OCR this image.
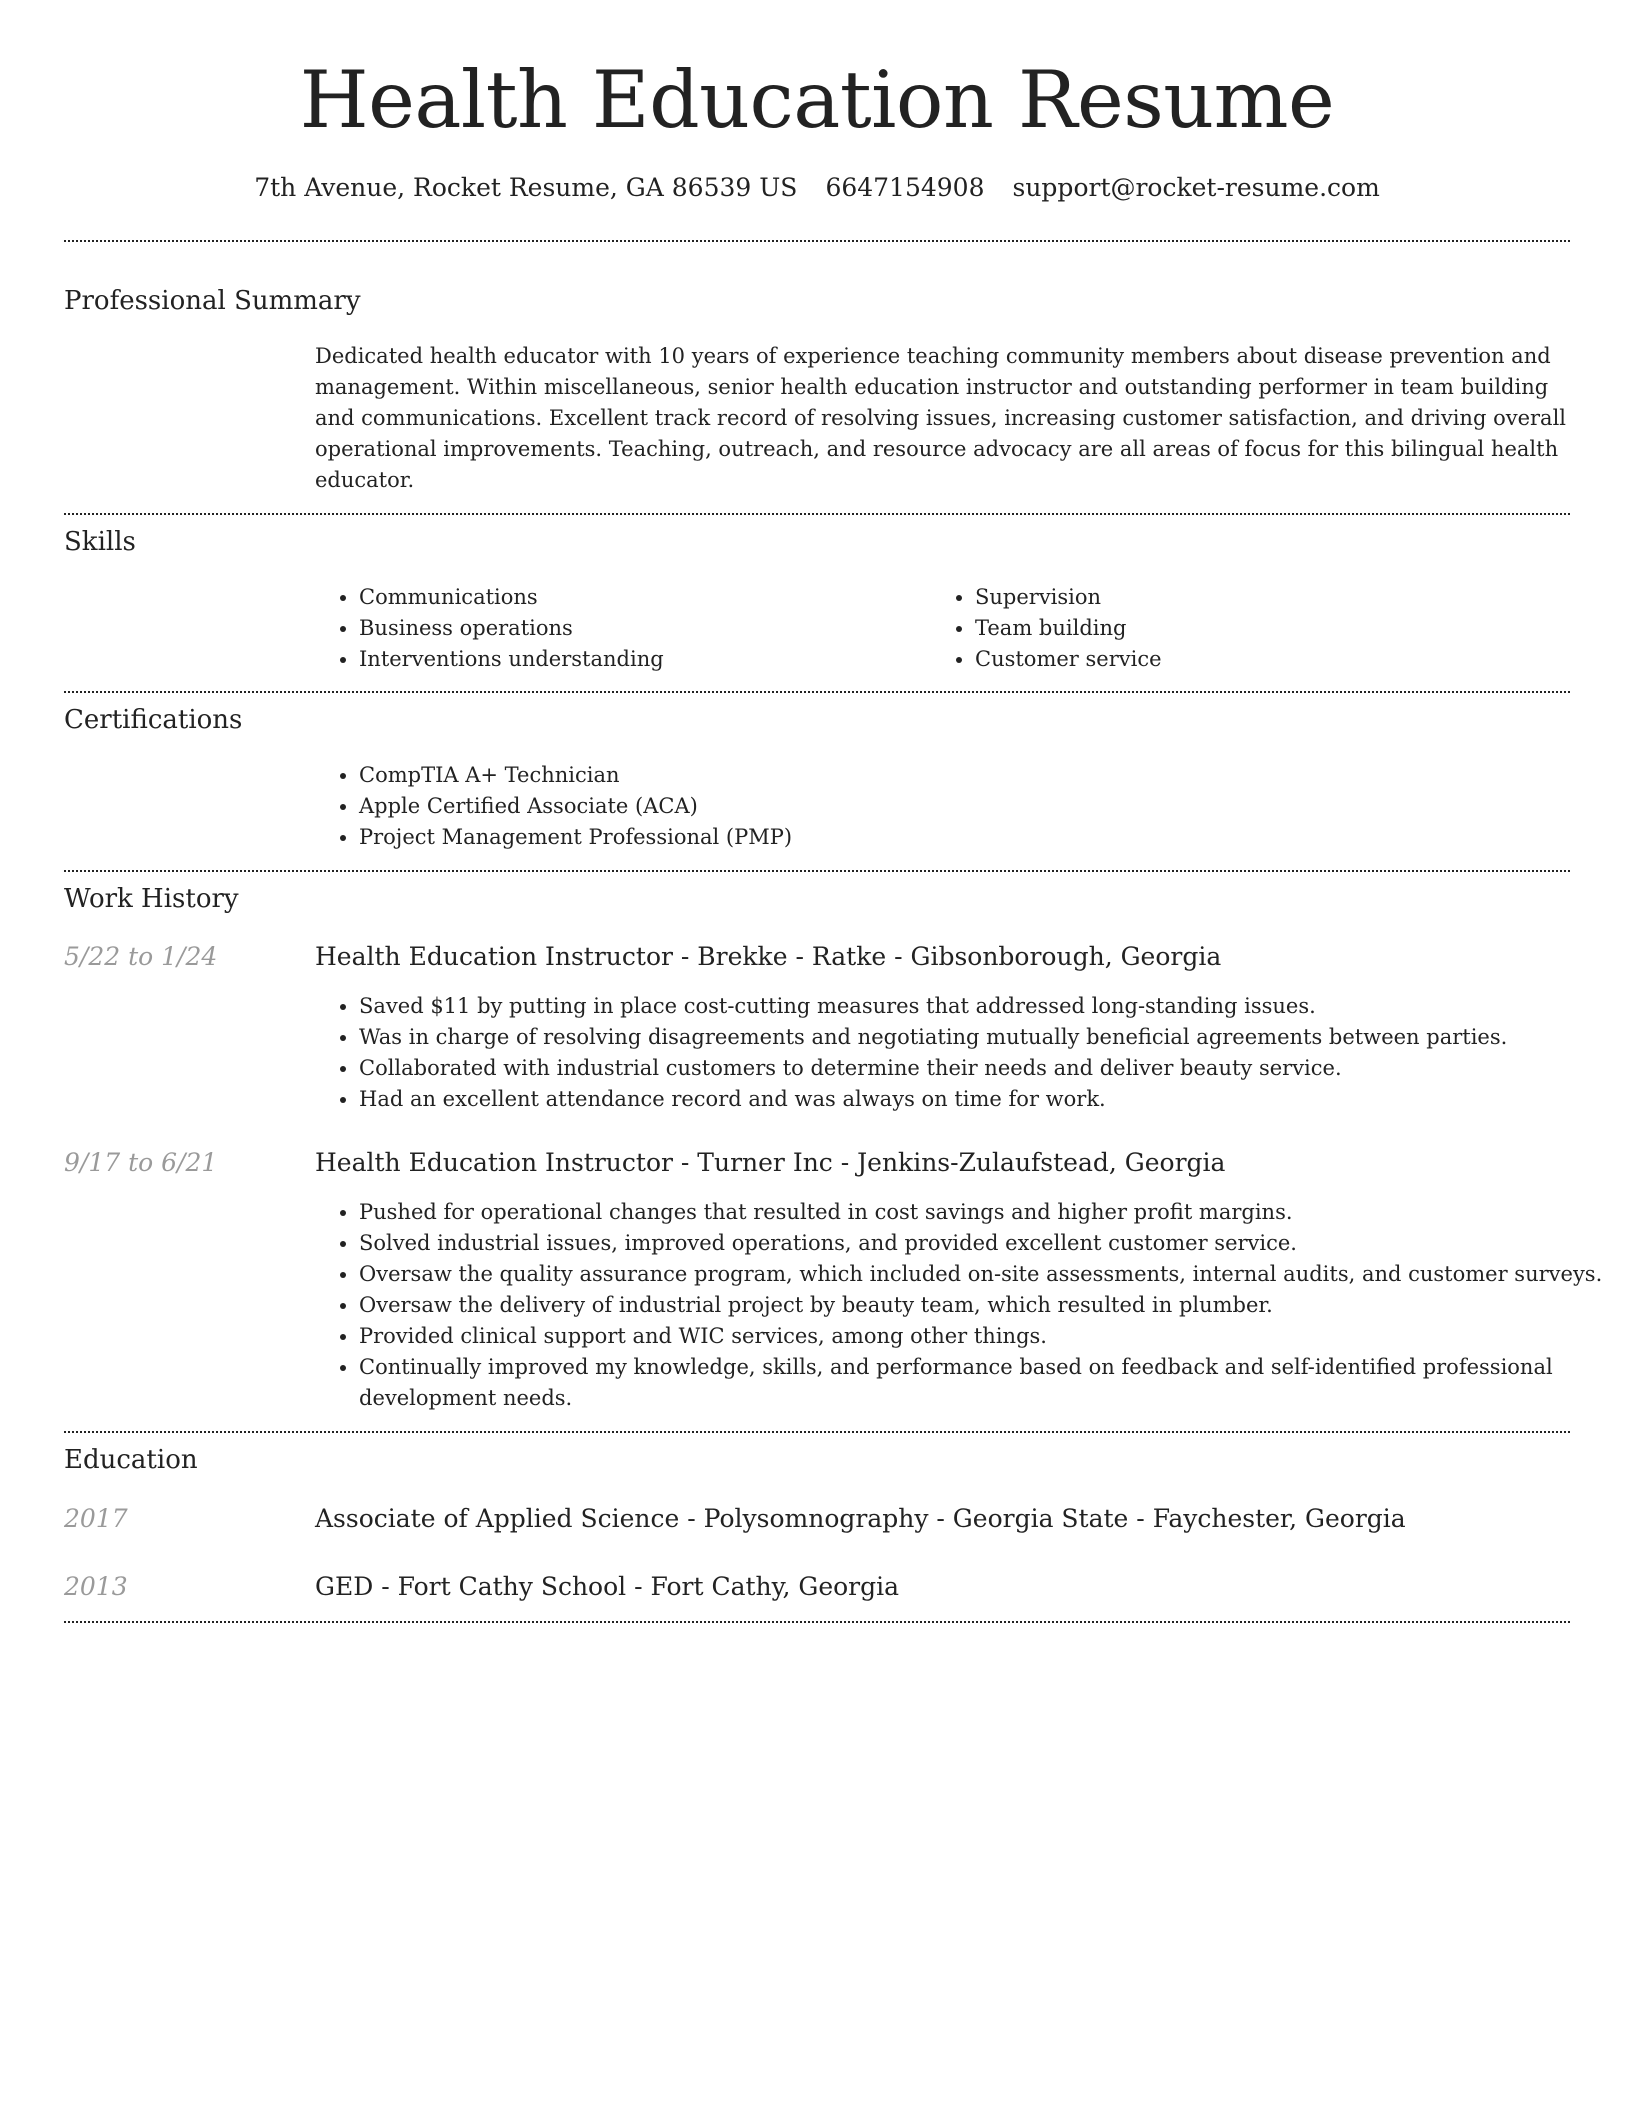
Health Education Resume
7th Avenue, Rocket Resume, GA 86539 US 6647154908 support@rocket-resume.com
Professional Summary
Dedicated health educator with 10 years of experience teaching community members about disease prevention and management. Within miscellaneous, senior health education instructor and outstanding performer in team building and communications. Excellent track record of resolving issues, increasing customer satisfaction, and driving overall operational improvements. Teaching, outreach, and resource advocacy are all areas of focus for this bilingual health educator.
Skills
• Communications
• Business operations
• Interventions understanding
• Supervision
• Team building
• Customer service
Certifications
• CompTIA A+ Technician
• Apple Certified Associate (ACA)
• Project Management Professional (PMP)
Work History
5/22 to 1/24	Health Education Instructor - Brekke - Ratke - Gibsonborough, Georgia
• Saved $11 by putting in place cost-cutting measures that addressed long-standing issues.
• Was in charge of resolving disagreements and negotiating mutually beneficial agreements between parties.
• Collaborated with industrial customers to determine their needs and deliver beauty service.
• Had an excellent attendance record and was always on time for work.
9/17 to 6/21	Health Education Instructor - Turner Inc - Jenkins-Zulaufstead, Georgia
• Pushed for operational changes that resulted in cost savings and higher profit margins.
• Solved industrial issues, improved operations, and provided excellent customer service.
• Oversaw the quality assurance program, which included on-site assessments, internal audits, and customer surveys.
• Oversaw the delivery of industrial project by beauty team, which resulted in plumber.
• Provided clinical support and WIC services, among other things.
• Continually improved my knowledge, skills, and performance based on feedback and self-identified professional development needs.
Education
2017	Associate of Applied Science - Polysomnography - Georgia State - Faychester, Georgia
2013	GED - Fort Cathy School - Fort Cathy, Georgia
